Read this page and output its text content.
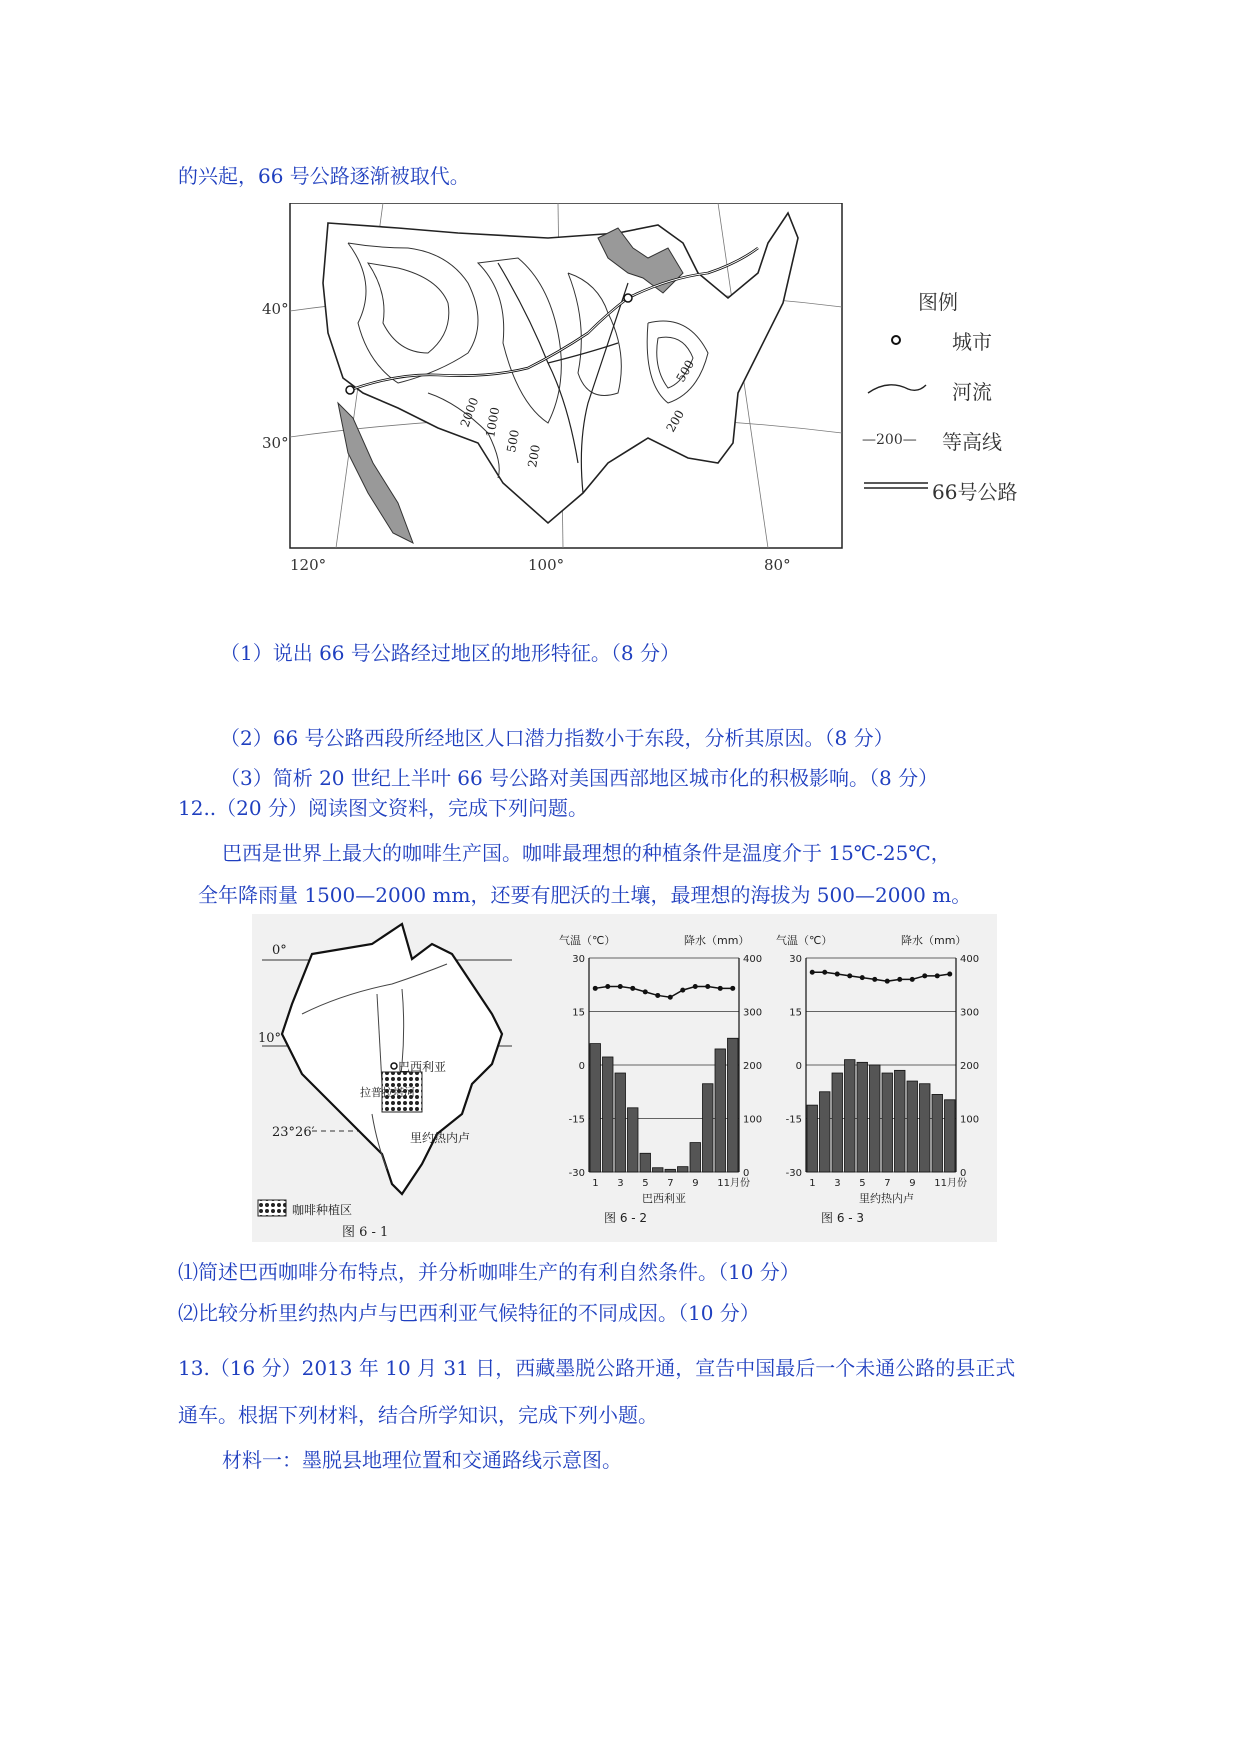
的兴起，66 号公路逐渐被取代。
2000 1000
500
200
500
200
40°
30°
120°	100°	80°
图例
城市
河流
—200— 等高线
66号公路
（1）说出 66 号公路经过地区的地形特征。（8 分）
（2）66 号公路西段所经地区人口潜力指数小于东段，分析其原因。（8 分）
（3）简析 20 世纪上半叶 66 号公路对美国西部地区城市化的积极影响。（8 分）
12..（20 分）阅读图文资料，完成下列问题。
巴西是世界上最大的咖啡生产国。咖啡最理想的种植条件是温度介于 15℃-25℃，
全年降雨量 1500—2000 mm，还要有肥沃的土壤，最理想的海拔为 500—2000 m。
0°
10°
23°26′
巴西利亚
拉普拉塔河
里约热内卢
咖啡种植区
图 6 - 1
气温（℃）	降水（mm）
30
15
0
-15
-30
400
300
200
100
0
1 3 5 7 9 11月份
巴西利亚
图 6 - 2
气温（℃）	降水（mm）
30
15
0
-15
-30
400
300
200
100
0
1 3 5 7 9 11月份
里约热内卢
图 6 - 3
⑴简述巴西咖啡分布特点，并分析咖啡生产的有利自然条件。（10 分）
⑵比较分析里约热内卢与巴西利亚气候特征的不同成因。（10 分）
13.（16 分）2013 年 10 月 31 日，西藏墨脱公路开通，宣告中国最后一个未通公路的县正式
通车。根据下列材料，结合所学知识，完成下列小题。
材料一：墨脱县地理位置和交通路线示意图。
